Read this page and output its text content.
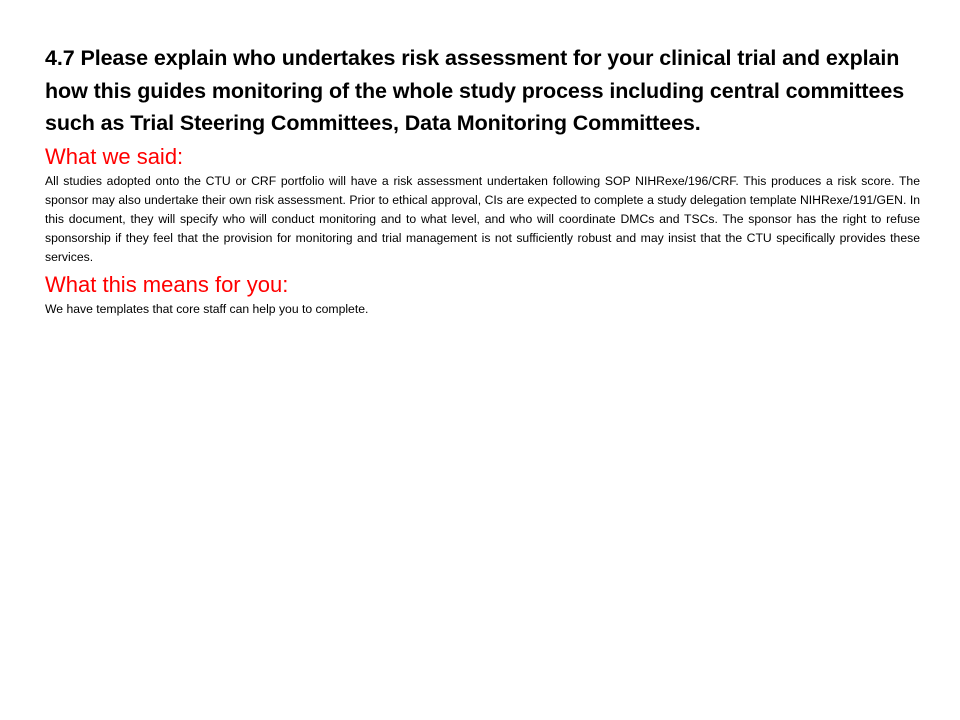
4.7 Please explain who undertakes risk assessment for your clinical trial and explain how this guides monitoring of the whole study process including central committees such as Trial Steering Committees, Data Monitoring Committees.

What we said:

All studies adopted onto the CTU or CRF portfolio will have a risk assessment undertaken following SOP NIHRexe/196/CRF. This produces a risk score. The sponsor may also undertake their own risk assessment. Prior to ethical approval, CIs are expected to complete a study delegation template NIHRexe/191/GEN. In this document, they will specify who will conduct monitoring and to what level, and who will coordinate DMCs and TSCs. The sponsor has the right to refuse sponsorship if they feel that the provision for monitoring and trial management is not sufficiently robust and may insist that the CTU specifically provides these services.

What this means for you:

We have templates that core staff can help you to complete.
